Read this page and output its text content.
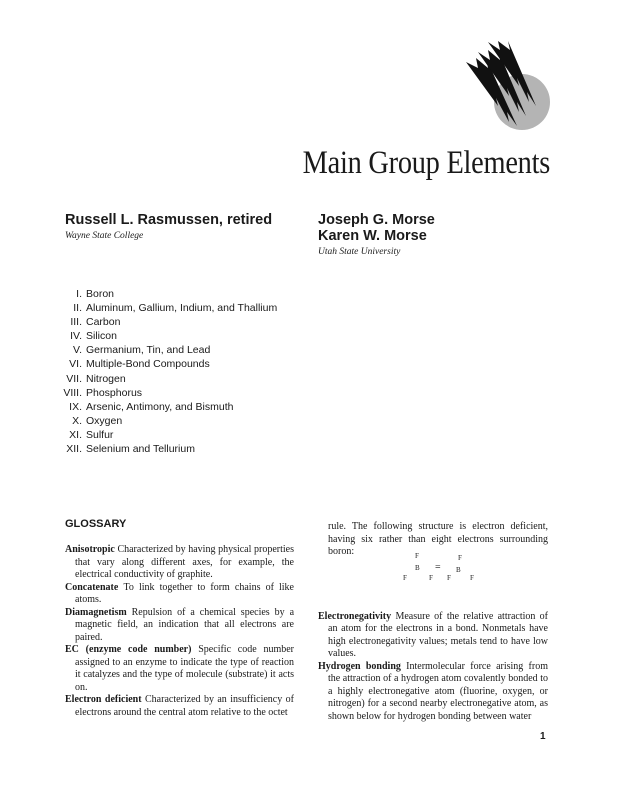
Main Group Elements
Russell L. Rasmussen, retired
Wayne State College
Joseph G. Morse
Karen W. Morse
Utah State University
I. Boron
II. Aluminum, Gallium, Indium, and Thallium
III. Carbon
IV. Silicon
V. Germanium, Tin, and Lead
VI. Multiple-Bond Compounds
VII. Nitrogen
VIII. Phosphorus
IX. Arsenic, Antimony, and Bismuth
X. Oxygen
XI. Sulfur
XII. Selenium and Tellurium
GLOSSARY
Anisotropic Characterized by having physical properties that vary along different axes, for example, the electrical conductivity of graphite.
Concatenate To link together to form chains of like atoms.
Diamagnetism Repulsion of a chemical species by a magnetic field, an indication that all electrons are paired.
EC (enzyme code number) Specific code number assigned to an enzyme to indicate the type of reaction it catalyzes and the type of molecule (substrate) it acts on.
Electron deficient Characterized by an insufficiency of electrons around the central atom relative to the octet
rule. The following structure is electron deficient, having six rather than eight electrons surrounding boron:
Electronegativity Measure of the relative attraction of an atom for the electrons in a bond. Nonmetals have high electronegativity values; metals tend to have low values.
Hydrogen bonding Intermolecular force arising from the attraction of a hydrogen atom covalently bonded to a highly electronegative atom (fluorine, oxygen, or nitrogen) for a second nearby electronegative atom, as shown below for hydrogen bonding between water
F	F
B	B
=
F	F F	F
1
